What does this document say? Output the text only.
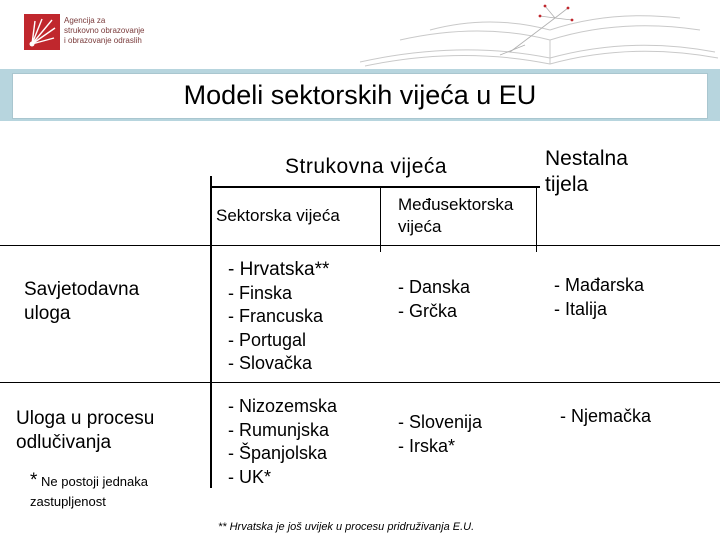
Agencija za
strukovno obrazovanje
i obrazovanje odraslih
Modeli sektorskih vijeća u EU
Strukovna vijeća	Nestalna
tijela
Sektorska vijeća
Međusektorska
vijeća
Savjetodavna
uloga
Uloga u procesu
odlučivanja
* Ne postoji jednaka zastupljenost
- Hrvatska**
- Finska
- Francuska
- Portugal
- Slovačka
- Danska
- Grčka
- Mađarska
- Italija
- Nizozemska
- Rumunjska
- Španjolska
- UK*
- Slovenija
- Irska*
- Njemačka
** Hrvatska je još uvijek u procesu pridruživanja E.U.
